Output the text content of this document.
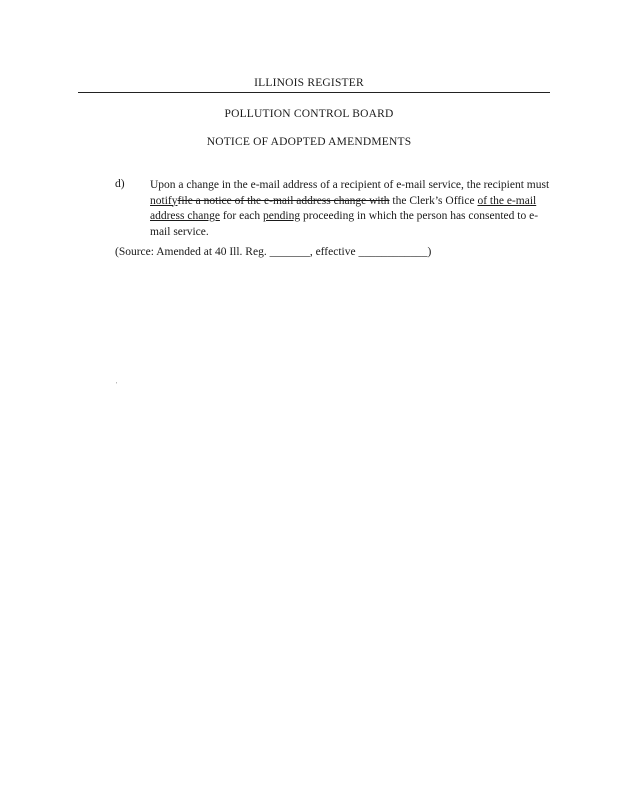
ILLINOIS REGISTER
POLLUTION CONTROL BOARD
NOTICE OF ADOPTED AMENDMENTS
d) Upon a change in the e-mail address of a recipient of e-mail service, the recipient must notifyfile a notice of the e-mail address change with the Clerk’s Office of the e-mail address change for each pending proceeding in which the person has consented to e-mail service.
(Source: Amended at 40 Ill. Reg. _______, effective ____________)
'
